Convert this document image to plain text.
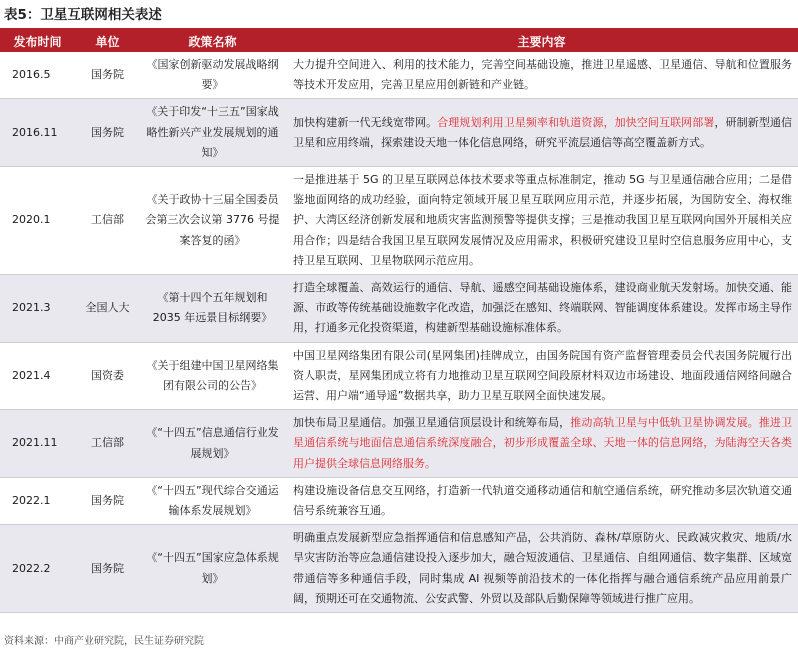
表5：卫星互联网相关表述
发布时间	单位	政策名称	主要内容
2016.5	国务院	《国家创新驱动发展战略纲要》	大力提升空间进入、利用的技术能力，完善空间基础设施，推进卫星遥感、卫星通信、导航和位置服务等技术开发应用，完善卫星应用创新链和产业链。
2016.11	国务院	《关于印发“十三五”国家战略性新兴产业发展规划的通知》	加快构建新一代无线宽带网。合理规划利用卫星频率和轨道资源，加快空间互联网部署，研制新型通信卫星和应用终端，探索建设天地一体化信息网络，研究平流层通信等高空覆盖新方式。
2020.1	工信部	《关于政协十三届全国委员会第三次会议第 3776 号提案答复的函》	一是推进基于 5G 的卫星互联网总体技术要求等重点标准制定，推动 5G 与卫星通信融合应用；二是借鉴地面网络的成功经验，面向特定领域开展卫星互联网应用示范，并逐步拓展，为国防安全、海权维护、大湾区经济创新发展和地质灾害监测预警等提供支撑；三是推动我国卫星互联网向国外开展相关应用合作；四是结合我国卫星互联网发展情况及应用需求，积极研究建设卫星时空信息服务应用中心，支持卫星互联网、卫星物联网示范应用。
2021.3	全国人大	《第十四个五年规划和 2035 年远景目标纲要》	打造全球覆盖、高效运行的通信、导航、遥感空间基础设施体系，建设商业航天发射场。加快交通、能源、市政等传统基础设施数字化改造，加强泛在感知、终端联网、智能调度体系建设。发挥市场主导作用，打通多元化投资渠道，构建新型基础设施标准体系。
2021.4	国资委	《关于组建中国卫星网络集团有限公司的公告》	中国卫星网络集团有限公司(星网集团)挂牌成立，由国务院国有资产监督管理委员会代表国务院履行出资人职责，星网集团成立将有力地推动卫星互联网空间段原材料双边市场建设、地面段通信网络间融合运营、用户端“通导遥”数据共享，助力卫星互联网全面快速发展。
2021.11	工信部	《“十四五”信息通信行业发展规划》	加快布局卫星通信。加强卫星通信顶层设计和统筹布局，推动高轨卫星与中低轨卫星协调发展。推进卫星通信系统与地面信息通信系统深度融合，初步形成覆盖全球、天地一体的信息网络，为陆海空天各类用户提供全球信息网络服务。
2022.1	国务院	《“十四五”现代综合交通运输体系发展规划》	构建设施设备信息交互网络，打造新一代轨道交通移动通信和航空通信系统，研究推动多层次轨道交通信号系统兼容互通。
2022.2	国务院	《“十四五”国家应急体系规划》	明确重点发展新型应急指挥通信和信息感知产品，公共消防、森林/草原防火、民政减灾救灾、地质/水旱灾害防治等应急通信建设投入逐步加大，融合短波通信、卫星通信、自组网通信、数字集群、区域宽带通信等多种通信手段，同时集成 AI 视频等前沿技术的一体化指挥与融合通信系统产品应用前景广阔，预期还可在交通物流、公安武警、外贸以及部队后勤保障等领域进行推广应用。
资料来源：中商产业研究院，民生证券研究院
